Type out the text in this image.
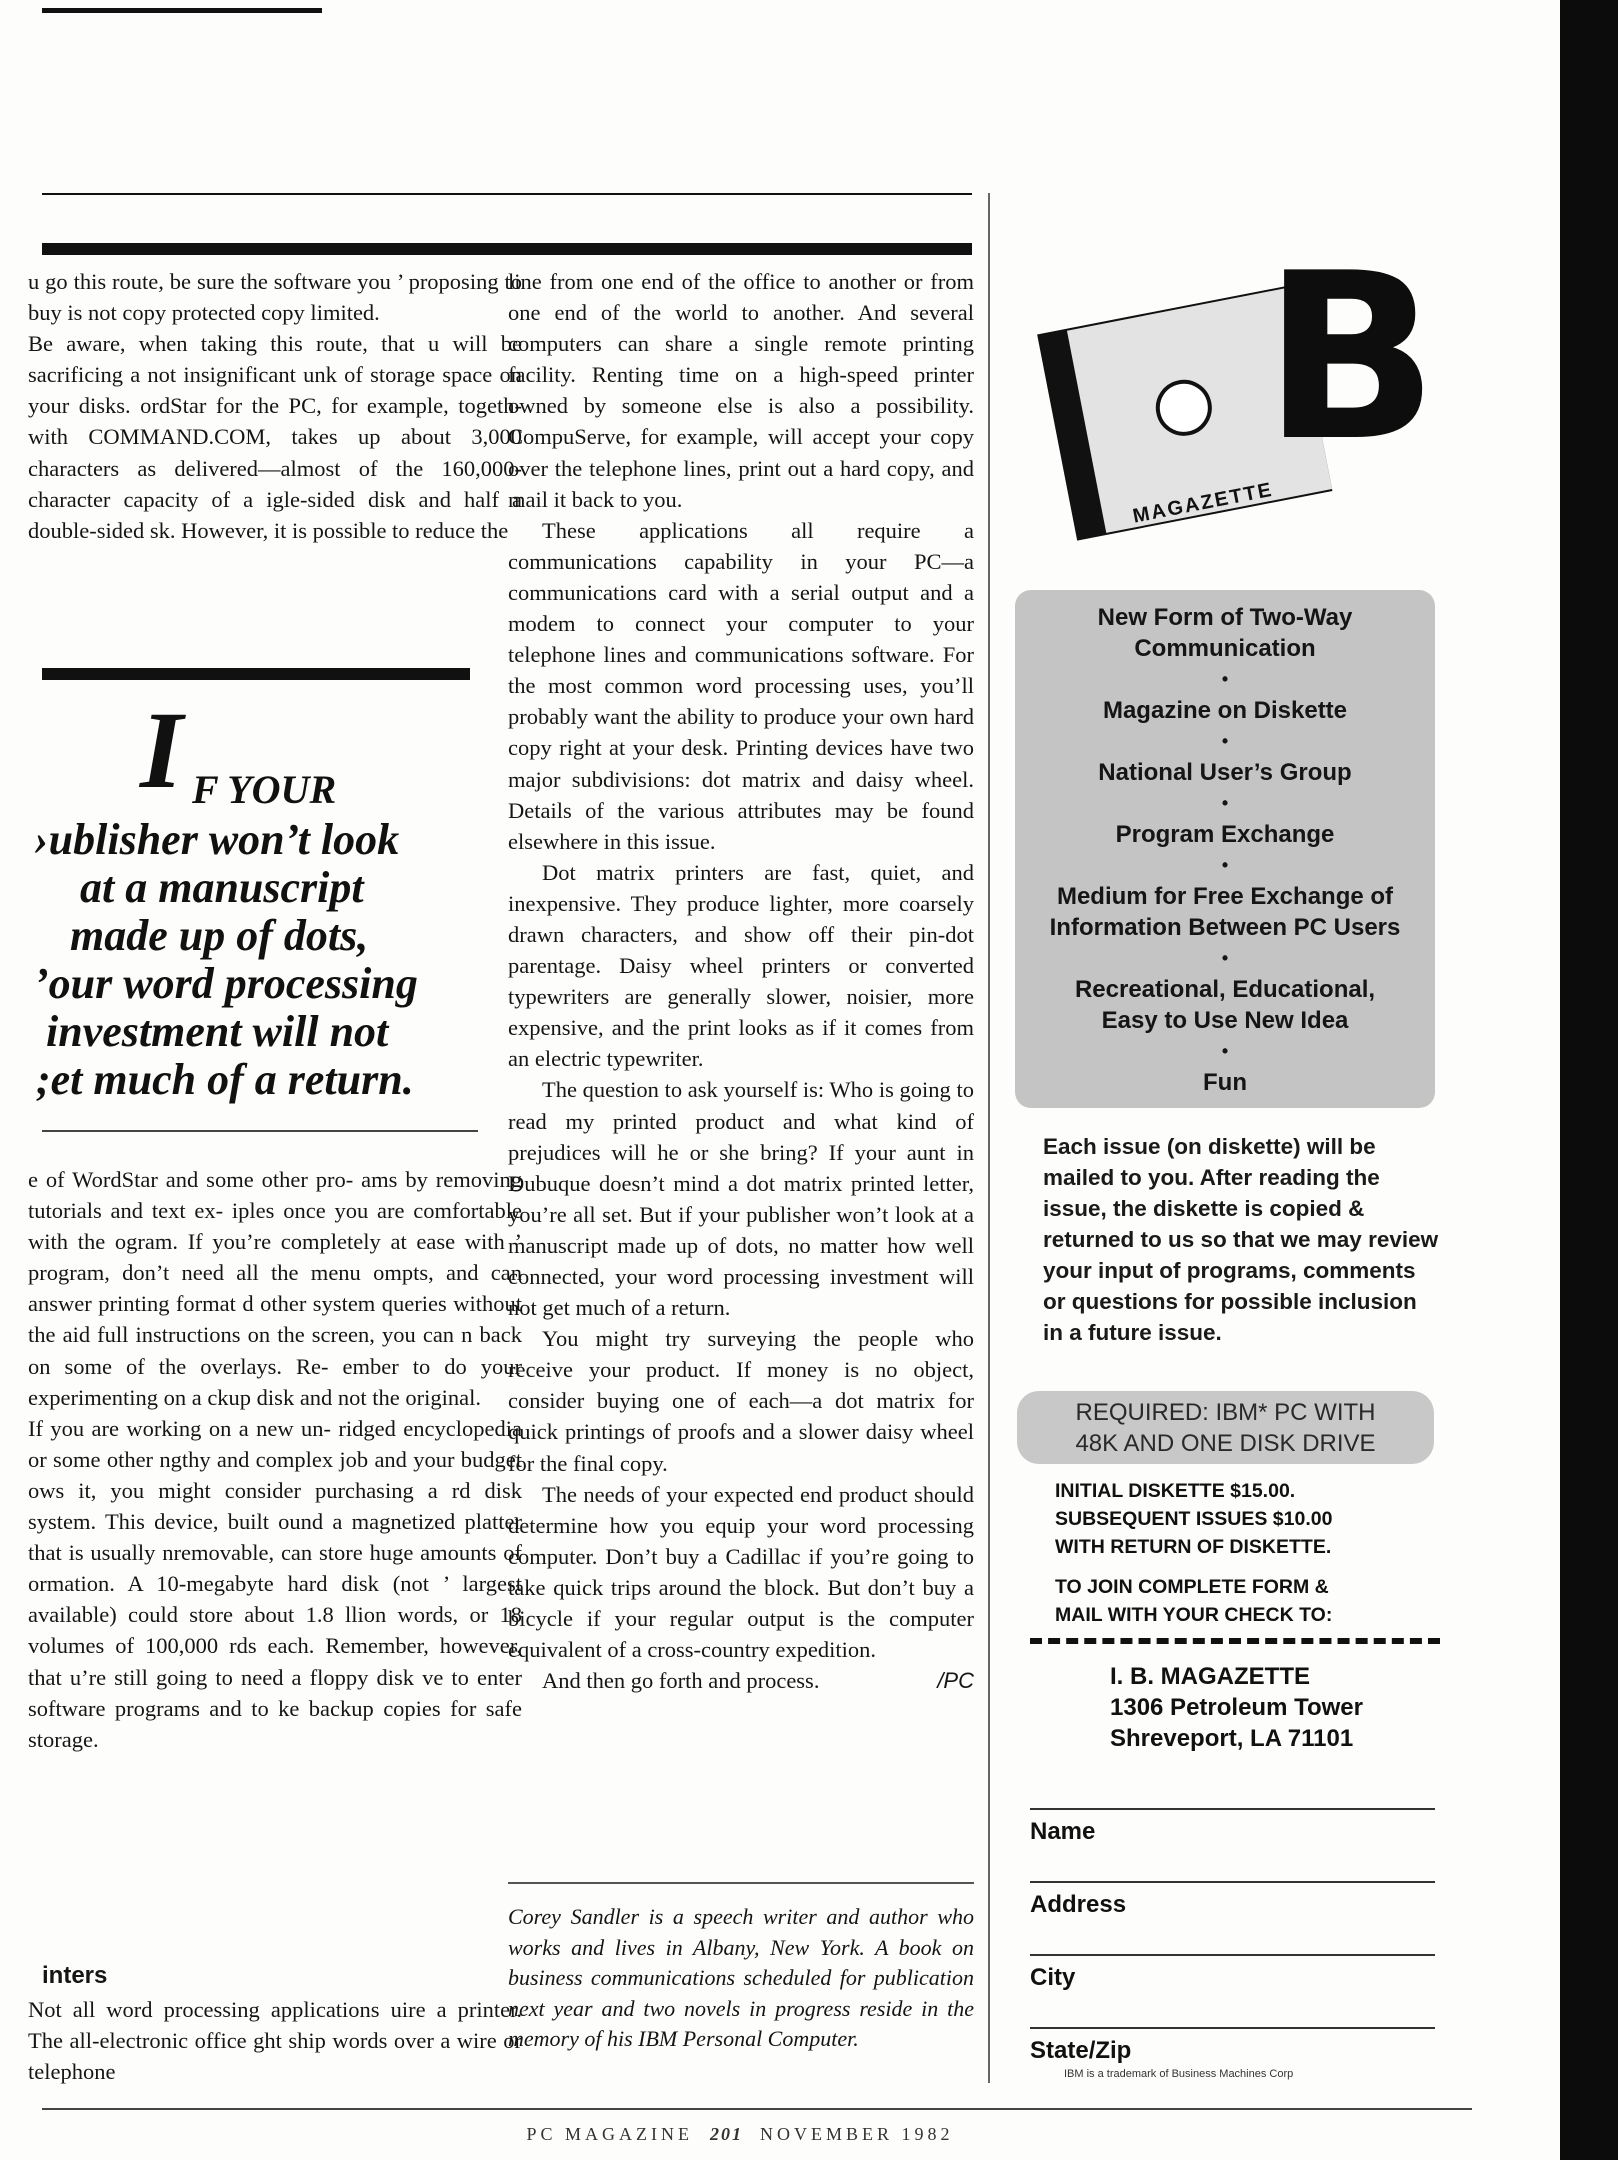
u go this route, be sure the software you ’ proposing to buy is not copy protected copy limited.

Be aware, when taking this route, that u will be sacrificing a not insignificant unk of storage space on your disks. ordStar for the PC, for example, togeth- with COMMAND.COM, takes up about 3,000 characters as delivered—almost of the 160,000-character capacity of a igle-sided disk and half a double-sided sk. However, it is possible to reduce the

I F YOUR
›ublisher won’t look
at a manuscript
made up of dots,
’our word processing
investment will not
;et much of a return.

e of WordStar and some other pro- ams by removing tutorials and text ex- iples once you are comfortable with the ogram. If you’re completely at ease with ’ program, don’t need all the menu ompts, and can answer printing format d other system queries without the aid full instructions on the screen, you can n back on some of the overlays. Re- ember to do your experimenting on a ckup disk and not the original.

If you are working on a new un- ridged encyclopedia or some other ngthy and complex job and your budget ows it, you might consider purchasing a rd disk system. This device, built ound a magnetized platter that is usually nremovable, can store huge amounts of ormation. A 10-megabyte hard disk (not ’ largest available) could store about 1.8 llion words, or 18 volumes of 100,000 rds each. Remember, however, that u’re still going to need a floppy disk ve to enter software programs and to ke backup copies for safe storage.

inters

Not all word processing applications uire a printer. The all-electronic office ght ship words over a wire or telephone

line from one end of the office to another or from one end of the world to another. And several computers can share a single remote printing facility. Renting time on a high-speed printer owned by someone else is also a possibility. CompuServe, for example, will accept your copy over the telephone lines, print out a hard copy, and mail it back to you.

These applications all require a communications capability in your PC—a communications card with a serial output and a modem to connect your computer to your telephone lines and communications software. For the most common word processing uses, you’ll probably want the ability to produce your own hard copy right at your desk. Printing devices have two major subdivisions: dot matrix and daisy wheel. Details of the various attributes may be found elsewhere in this issue.

Dot matrix printers are fast, quiet, and inexpensive. They produce lighter, more coarsely drawn characters, and show off their pin-dot parentage. Daisy wheel printers or converted typewriters are generally slower, noisier, more expensive, and the print looks as if it comes from an electric typewriter.

The question to ask yourself is: Who is going to read my printed product and what kind of prejudices will he or she bring? If your aunt in Dubuque doesn’t mind a dot matrix printed letter, you’re all set. But if your publisher won’t look at a manuscript made up of dots, no matter how well connected, your word processing investment will not get much of a return.

You might try surveying the people who receive your product. If money is no object, consider buying one of each—a dot matrix for quick printings of proofs and a slower daisy wheel for the final copy.

The needs of your expected end product should determine how you equip your word processing computer. Don’t buy a Cadillac if you’re going to take quick trips around the block. But don’t buy a bicycle if your regular output is the computer equivalent of a cross-country expedition.

And then go forth and process.	/PC

Corey Sandler is a speech writer and author who works and lives in Albany, New York. A book on business communications scheduled for publication next year and two novels in progress reside in the memory of his IBM Personal Computer.
B
MAGAZETTE
New Form of Two-Way Communication
•
Magazine on Diskette
•
National User’s Group
•
Program Exchange
•
Medium for Free Exchange of Information Between PC Users
•
Recreational, Educational, Easy to Use New Idea
•
Fun
Each issue (on diskette) will be mailed to you. After reading the issue, the diskette is copied & returned to us so that we may review your input of programs, comments or questions for possible inclusion in a future issue.
REQUIRED: IBM* PC WITH
48K AND ONE DISK DRIVE
INITIAL DISKETTE $15.00.
SUBSEQUENT ISSUES $10.00
WITH RETURN OF DISKETTE.
TO JOIN COMPLETE FORM &
MAIL WITH YOUR CHECK TO:
I. B. MAGAZETTE
1306 Petroleum Tower
Shreveport, LA 71101
Name
Address
City
State/Zip
IBM is a trademark of Business Machines Corp
PC MAGAZINE 201 NOVEMBER 1982
